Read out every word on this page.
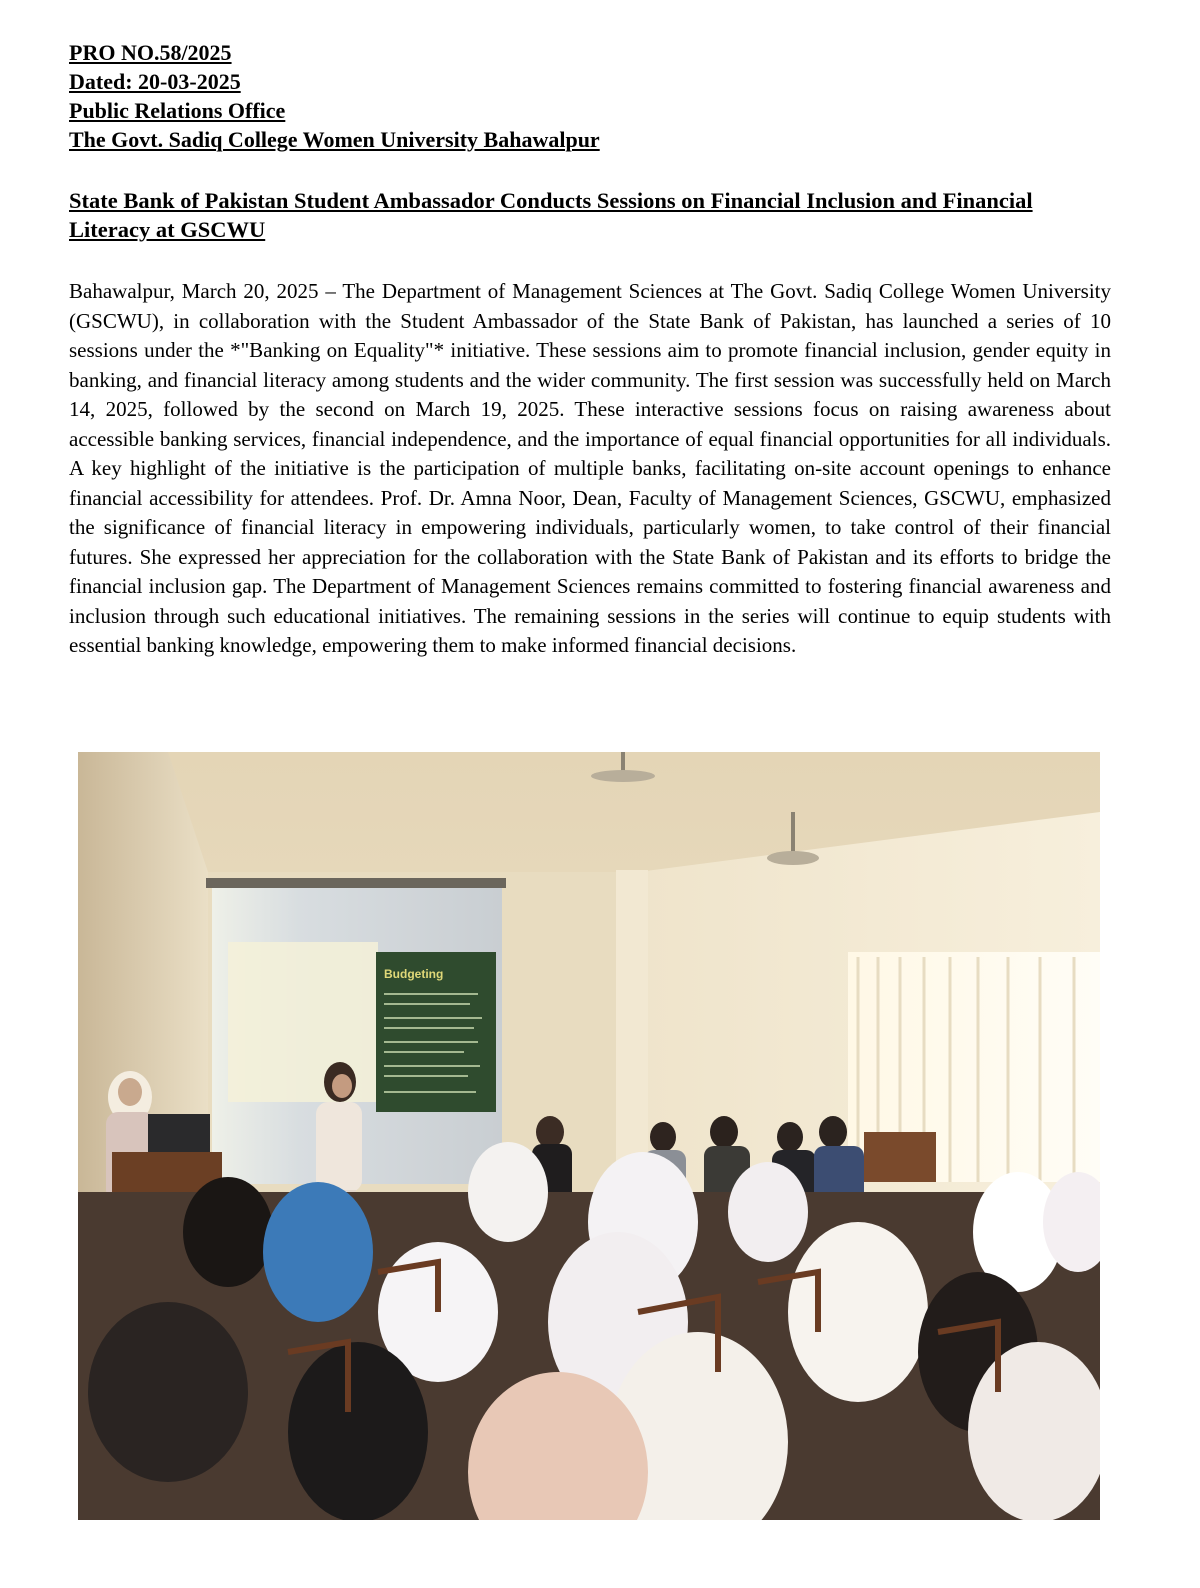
PRO NO.58/2025
Dated: 20-03-2025
Public Relations Office
The Govt. Sadiq College Women University Bahawalpur
State Bank of Pakistan Student Ambassador Conducts Sessions on Financial Inclusion and Financial Literacy at GSCWU

Bahawalpur, March 20, 2025 – The Department of Management Sciences at The Govt. Sadiq College Women University (GSCWU), in collaboration with the Student Ambassador of the State Bank of Pakistan, has launched a series of 10 sessions under the *"Banking on Equality"* initiative. These sessions aim to promote financial inclusion, gender equity in banking, and financial literacy among students and the wider community. The first session was successfully held on March 14, 2025, followed by the second on March 19, 2025. These interactive sessions focus on raising awareness about accessible banking services, financial independence, and the importance of equal financial opportunities for all individuals. A key highlight of the initiative is the participation of multiple banks, facilitating on-site account openings to enhance financial accessibility for attendees. Prof. Dr. Amna Noor, Dean, Faculty of Management Sciences, GSCWU, emphasized the significance of financial literacy in empowering individuals, particularly women, to take control of their financial futures. She expressed her appreciation for the collaboration with the State Bank of Pakistan and its efforts to bridge the financial inclusion gap. The Department of Management Sciences remains committed to fostering financial awareness and inclusion through such educational initiatives. The remaining sessions in the series will continue to equip students with essential banking knowledge, empowering them to make informed financial decisions.

Budgeting
